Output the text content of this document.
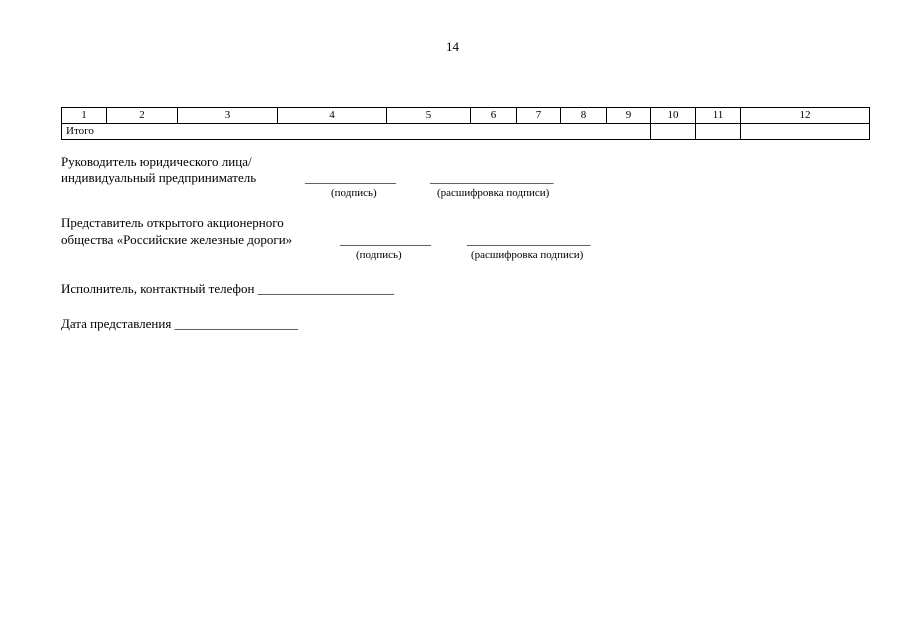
14
1	2	3	4	5	6	7	8	9	10	11	12
Итого											
Руководитель юридического лица/
индивидуальный предприниматель	______________	___________________
(подпись)	(расшифровка подписи)
Представитель открытого акционерного
общества «Российские железные дороги»	______________	___________________
(подпись)	(расшифровка подписи)
Исполнитель, контактный телефон _____________________
Дата представления ___________________
